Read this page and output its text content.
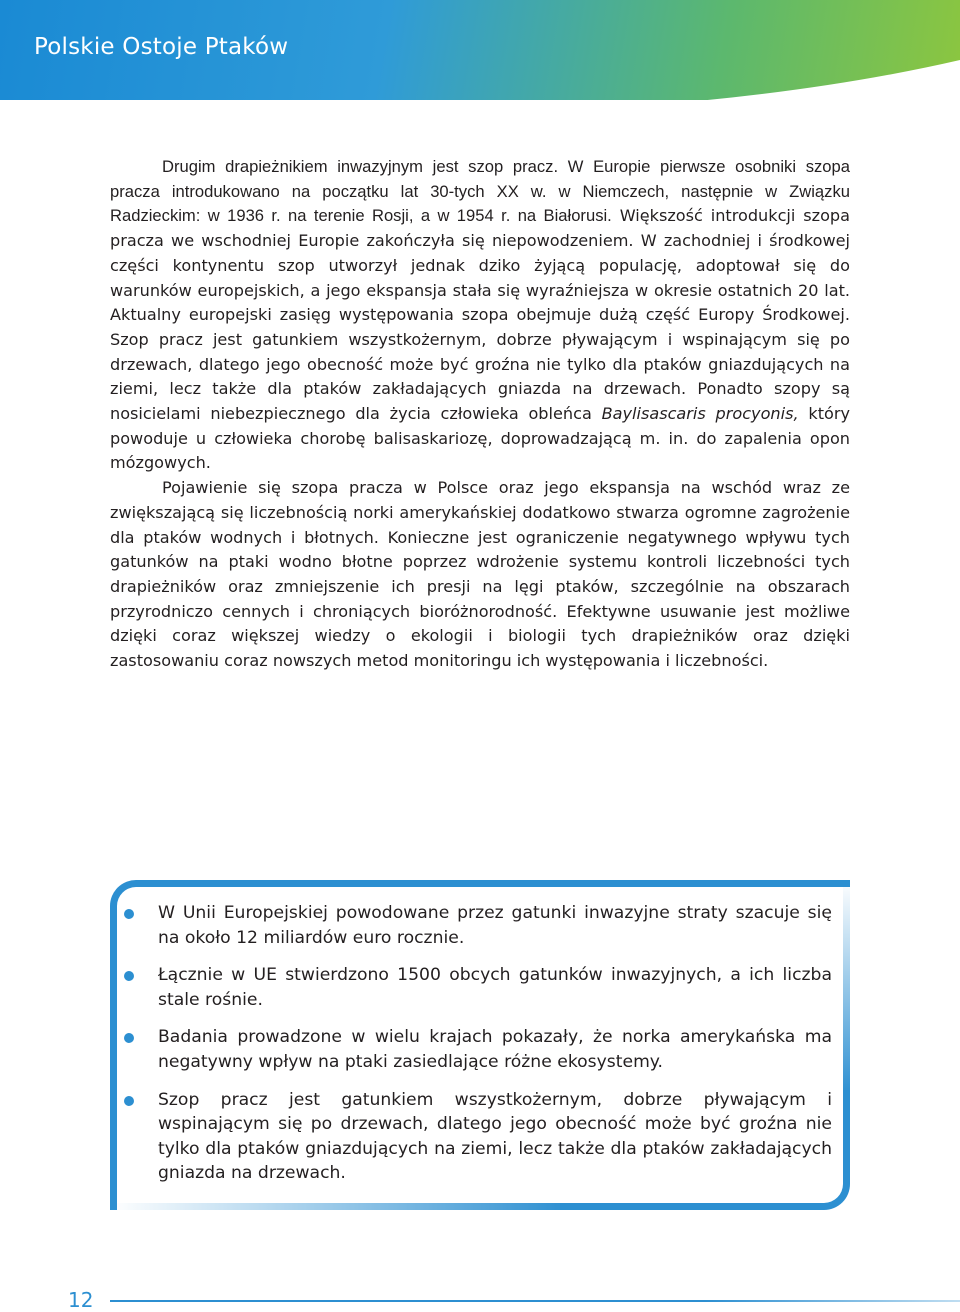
Polskie Ostoje Ptaków

Drugim drapieżnikiem inwazyjnym jest szop pracz. W Europie pierwsze osobniki szopa pracza introdukowano na początku lat 30-tych XX w. w Niemczech, następnie w Związku Radzieckim: w 1936 r. na terenie Rosji, a w 1954 r. na Białorusi. Większość introdukcji szopa pracza we wschodniej Europie zakończyła się niepowodzeniem. W zachodniej i środkowej części kontynentu szop utworzył jednak dziko żyjącą populację, adoptował się do warunków europejskich, a jego ekspansja stała się wyraźniejsza w okresie ostatnich 20 lat. Aktualny europejski zasięg występowania szopa obejmuje dużą część Europy Środkowej. Szop pracz jest gatunkiem wszystkożernym, dobrze pływającym i wspinającym się po drzewach, dlatego jego obecność może być groźna nie tylko dla ptaków gniazdujących na ziemi, lecz także dla ptaków zakładających gniazda na drzewach. Ponadto szopy są nosicielami niebezpiecznego dla życia człowieka obleńca Baylisascaris procyonis, który powoduje u człowieka chorobę balisaskariozę, doprowadzającą m. in. do zapalenia opon mózgowych.

Pojawienie się szopa pracza w Polsce oraz jego ekspansja na wschód wraz ze zwiększającą się liczebnością norki amerykańskiej dodatkowo stwarza ogromne zagrożenie dla ptaków wodnych i błotnych. Konieczne jest ograniczenie negatywnego wpływu tych gatunków na ptaki wodno błotne poprzez wdrożenie systemu kontroli liczebności tych drapieżników oraz zmniejszenie ich presji na lęgi ptaków, szczególnie na obszarach przyrodniczo cennych i chroniących bioróżnorodność. Efektywne usuwanie jest możliwe dzięki coraz większej wiedzy o ekologii i biologii tych drapieżników oraz dzięki zastosowaniu coraz nowszych metod monitoringu ich występowania i liczebności.

W Unii Europejskiej powodowane przez gatunki inwazyjne straty szacuje się na około 12 miliardów euro rocznie.
Łącznie w UE stwierdzono 1500 obcych gatunków inwazyjnych, a ich liczba stale rośnie.
Badania prowadzone w wielu krajach pokazały, że norka amerykańska ma negatywny wpływ na ptaki zasiedlające różne ekosystemy.
Szop pracz jest gatunkiem wszystkożernym, dobrze pływającym i wspinającym się po drzewach, dlatego jego obecność może być groźna nie tylko dla ptaków gniazdujących na ziemi, lecz także dla ptaków zakładających gniazda na drzewach.
12
